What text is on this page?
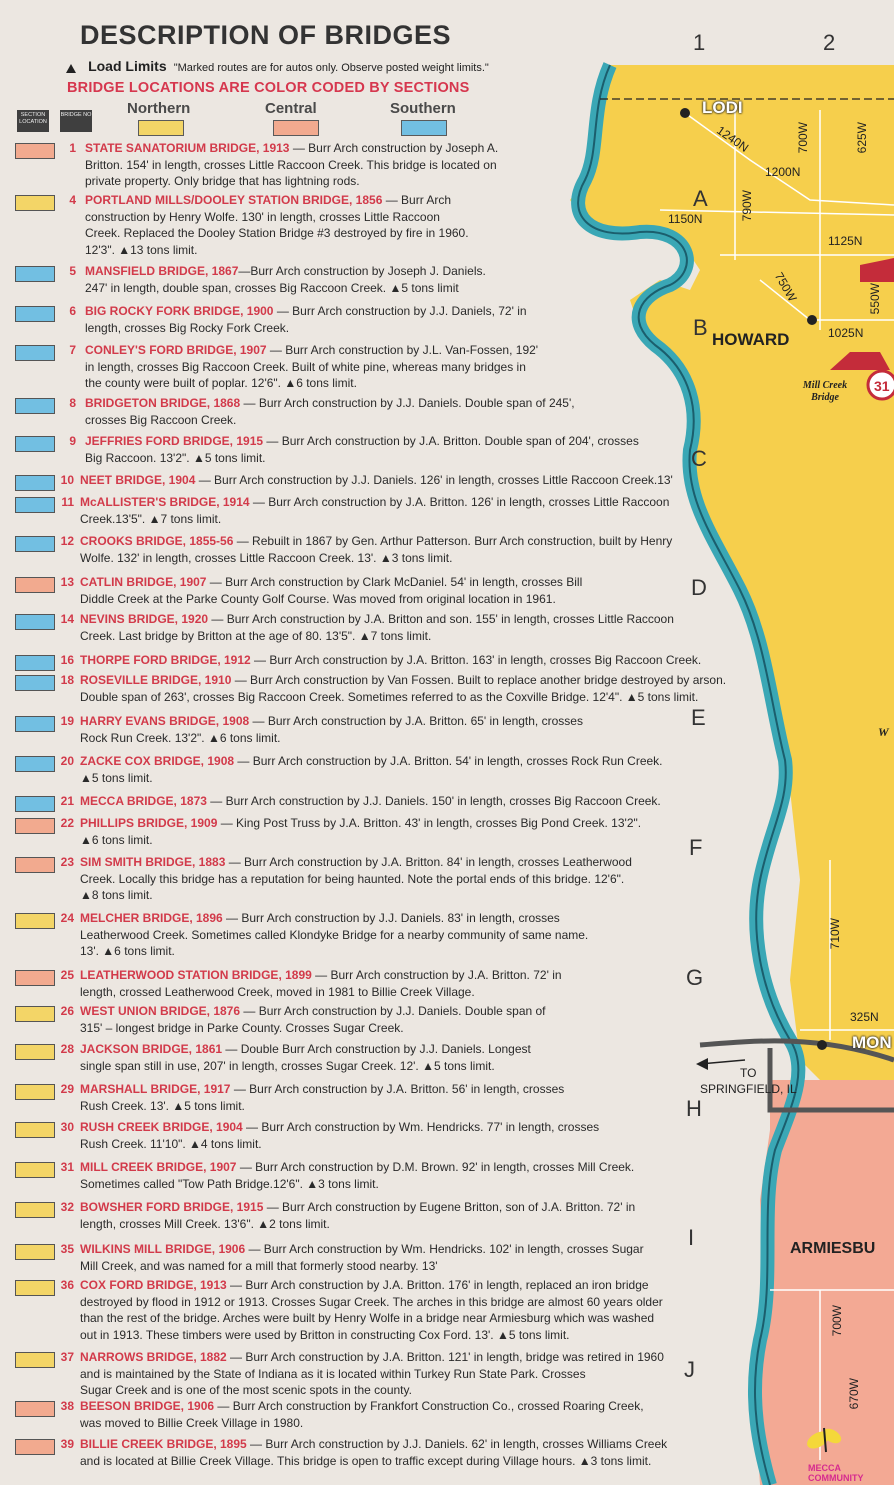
DESCRIPTION OF BRIDGES
Load Limits "Marked routes are for autos only. Observe posted weight limits."
BRIDGE LOCATIONS ARE COLOR CODED BY SECTIONS
SECTION LOCATION
BRIDGE NO Northern	Central	Southern
1	2
A
B
C
D
E
F
G
H
I
J
LODI
HOWARD
MON
ARMIESBU
1240N	700W	625W
1200N
1150N	790W
1125N
750W	550W
1025N
710W
325N
700W
670W
31
Mill Creek Bridge
TO
SPRINGFIELD, IL
W
MECCA COMMUNITY
1 STATE SANATORIUM BRIDGE, 1913 — Burr Arch construction by Joseph A.
Britton. 154' in length, crosses Little Raccoon Creek. This bridge is located on
private property. Only bridge that has lightning rods.
4 PORTLAND MILLS/DOOLEY STATION BRIDGE, 1856 — Burr Arch
construction by Henry Wolfe. 130' in length, crosses Little Raccoon
Creek. Replaced the Dooley Station Bridge #3 destroyed by fire in 1960.
12'3". ▲13 tons limit.
5 MANSFIELD BRIDGE, 1867—Burr Arch construction by Joseph J. Daniels.
247' in length, double span, crosses Big Raccoon Creek. ▲5 tons limit
6 BIG ROCKY FORK BRIDGE, 1900 — Burr Arch construction by J.J. Daniels, 72' in
length, crosses Big Rocky Fork Creek.
7 CONLEY'S FORD BRIDGE, 1907 — Burr Arch construction by J.L. Van-Fossen, 192'
in length, crosses Big Raccoon Creek. Built of white pine, whereas many bridges in
the county were built of poplar. 12'6". ▲6 tons limit.
8 BRIDGETON BRIDGE, 1868 — Burr Arch construction by J.J. Daniels. Double span of 245',
crosses Big Raccoon Creek.
9 JEFFRIES FORD BRIDGE, 1915 — Burr Arch construction by J.A. Britton. Double span of 204', crosses
Big Raccoon. 13'2". ▲5 tons limit.
10 NEET BRIDGE, 1904 — Burr Arch construction by J.J. Daniels. 126' in length, crosses Little Raccoon Creek.13'
11 McALLISTER'S BRIDGE, 1914 — Burr Arch construction by J.A. Britton. 126' in length, crosses Little Raccoon
Creek.13'5". ▲7 tons limit.
12 CROOKS BRIDGE, 1855-56 — Rebuilt in 1867 by Gen. Arthur Patterson. Burr Arch construction, built by Henry
Wolfe. 132' in length, crosses Little Raccoon Creek. 13'. ▲3 tons limit.
13 CATLIN BRIDGE, 1907 — Burr Arch construction by Clark McDaniel. 54' in length, crosses Bill
Diddle Creek at the Parke County Golf Course. Was moved from original location in 1961.
14 NEVINS BRIDGE, 1920 — Burr Arch construction by J.A. Britton and son. 155' in length, crosses Little Raccoon
Creek. Last bridge by Britton at the age of 80. 13'5". ▲7 tons limit.
16 THORPE FORD BRIDGE, 1912 — Burr Arch construction by J.A. Britton. 163' in length, crosses Big Raccoon Creek.
18 ROSEVILLE BRIDGE, 1910 — Burr Arch construction by Van Fossen. Built to replace another bridge destroyed by arson.
Double span of 263', crosses Big Raccoon Creek. Sometimes referred to as the Coxville Bridge. 12'4". ▲5 tons limit.
19 HARRY EVANS BRIDGE, 1908 — Burr Arch construction by J.A. Britton. 65' in length, crosses
Rock Run Creek. 13'2". ▲6 tons limit.
20 ZACKE COX BRIDGE, 1908 — Burr Arch construction by J.A. Britton. 54' in length, crosses Rock Run Creek.
▲5 tons limit.
21 MECCA BRIDGE, 1873 — Burr Arch construction by J.J. Daniels. 150' in length, crosses Big Raccoon Creek.
22 PHILLIPS BRIDGE, 1909 — King Post Truss by J.A. Britton. 43' in length, crosses Big Pond Creek. 13'2".
▲6 tons limit.
23 SIM SMITH BRIDGE, 1883 — Burr Arch construction by J.A. Britton. 84' in length, crosses Leatherwood
Creek. Locally this bridge has a reputation for being haunted. Note the portal ends of this bridge. 12'6".
▲8 tons limit.
24 MELCHER BRIDGE, 1896 — Burr Arch construction by J.J. Daniels. 83' in length, crosses
Leatherwood Creek. Sometimes called Klondyke Bridge for a nearby community of same name.
13'. ▲6 tons limit.
25 LEATHERWOOD STATION BRIDGE, 1899 — Burr Arch construction by J.A. Britton. 72' in
length, crossed Leatherwood Creek, moved in 1981 to Billie Creek Village.
26 WEST UNION BRIDGE, 1876 — Burr Arch construction by J.J. Daniels. Double span of
315' – longest bridge in Parke County. Crosses Sugar Creek.
28 JACKSON BRIDGE, 1861 — Double Burr Arch construction by J.J. Daniels. Longest
single span still in use, 207' in length, crosses Sugar Creek. 12'. ▲5 tons limit.
29 MARSHALL BRIDGE, 1917 — Burr Arch construction by J.A. Britton. 56' in length, crosses
Rush Creek. 13'. ▲5 tons limit.
30 RUSH CREEK BRIDGE, 1904 — Burr Arch construction by Wm. Hendricks. 77' in length, crosses
Rush Creek. 11'10". ▲4 tons limit.
31 MILL CREEK BRIDGE, 1907 — Burr Arch construction by D.M. Brown. 92' in length, crosses Mill Creek.
Sometimes called "Tow Path Bridge.12'6". ▲3 tons limit.
32 BOWSHER FORD BRIDGE, 1915 — Burr Arch construction by Eugene Britton, son of J.A. Britton. 72' in
length, crosses Mill Creek. 13'6". ▲2 tons limit.
35 WILKINS MILL BRIDGE, 1906 — Burr Arch construction by Wm. Hendricks. 102' in length, crosses Sugar
Mill Creek, and was named for a mill that formerly stood nearby. 13'
36 COX FORD BRIDGE, 1913 — Burr Arch construction by J.A. Britton. 176' in length, replaced an iron bridge
destroyed by flood in 1912 or 1913. Crosses Sugar Creek. The arches in this bridge are almost 60 years older
than the rest of the bridge. Arches were built by Henry Wolfe in a bridge near Armiesburg which was washed
out in 1913. These timbers were used by Britton in constructing Cox Ford. 13'. ▲5 tons limit.
37 NARROWS BRIDGE, 1882 — Burr Arch construction by J.A. Britton. 121' in length, bridge was retired in 1960
and is maintained by the State of Indiana as it is located within Turkey Run State Park. Crosses
Sugar Creek and is one of the most scenic spots in the county.
38 BEESON BRIDGE, 1906 — Burr Arch construction by Frankfort Construction Co., crossed Roaring Creek,
was moved to Billie Creek Village in 1980.
39 BILLIE CREEK BRIDGE, 1895 — Burr Arch construction by J.J. Daniels. 62' in length, crosses Williams Creek
and is located at Billie Creek Village. This bridge is open to traffic except during Village hours. ▲3 tons limit.
